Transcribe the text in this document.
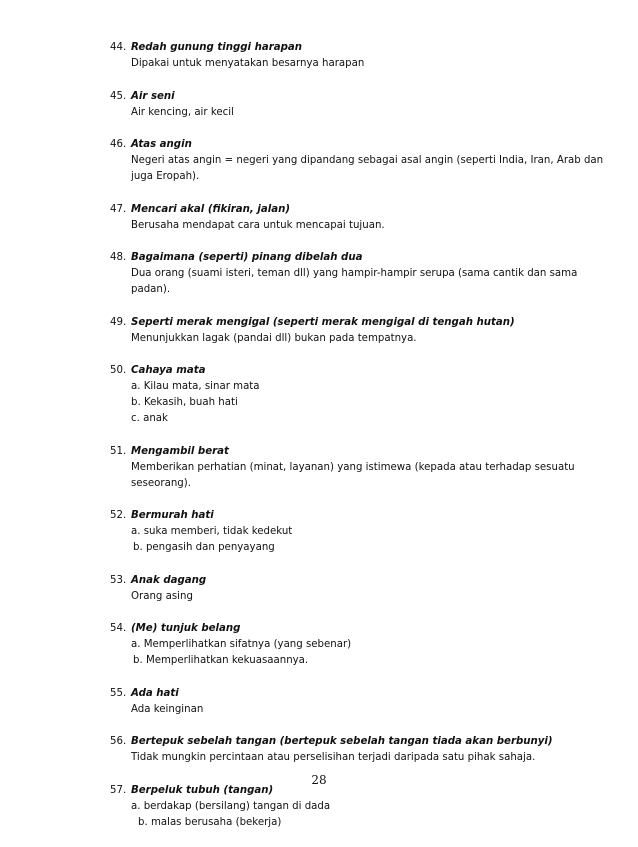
44. Redah gunung tinggi harapan
Dipakai untuk menyatakan besarnya harapan
45. Air seni
Air kencing, air kecil
46. Atas angin
Negeri atas angin = negeri yang dipandang sebagai asal angin (seperti India, Iran, Arab dan
juga Eropah).
47. Mencari akal (fikiran, jalan)
Berusaha mendapat cara untuk mencapai tujuan.
48. Bagaimana (seperti) pinang dibelah dua
Dua orang (suami isteri, teman dll) yang hampir-hampir serupa (sama cantik dan sama
padan).
49. Seperti merak mengigal (seperti merak mengigal di tengah hutan)
Menunjukkan lagak (pandai dll) bukan pada tempatnya.
50. Cahaya mata
a. Kilau mata, sinar mata
b. Kekasih, buah hati
c. anak
51. Mengambil berat
Memberikan perhatian (minat, layanan) yang istimewa (kepada atau terhadap sesuatu
seseorang).
52. Bermurah hati
a. suka memberi, tidak kedekut
b. pengasih dan penyayang
53. Anak dagang
Orang asing
54. (Me) tunjuk belang
a. Memperlihatkan sifatnya (yang sebenar)
b. Memperlihatkan kekuasaannya.
55. Ada hati
Ada keinginan
56. Bertepuk sebelah tangan (bertepuk sebelah tangan tiada akan berbunyi)
Tidak mungkin percintaan atau perselisihan terjadi daripada satu pihak sahaja.
57. Berpeluk tubuh (tangan)
a. berdakap (bersilang) tangan di dada
b. malas berusaha (bekerja)
28
